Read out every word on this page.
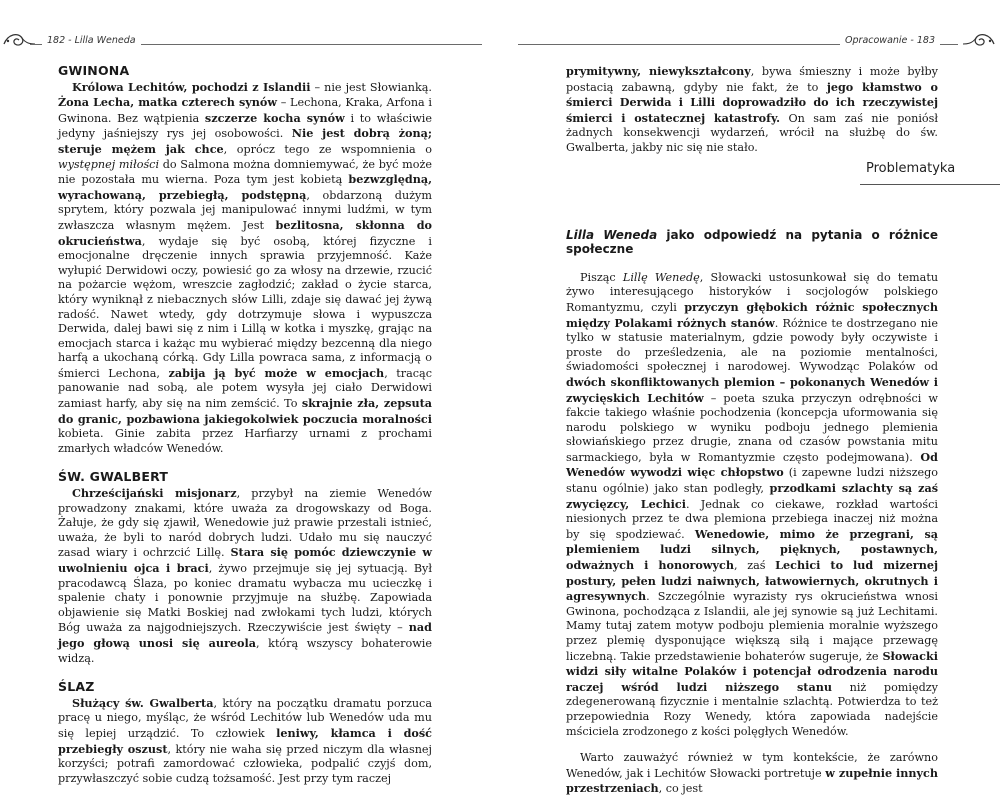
182 - Lilla Weneda
GWINONA

Królowa Lechitów, pochodzi z Islandii – nie jest Słowianką. Żona Lecha, matka czterech synów – Lechona, Kraka, Arfona i Gwinona. Bez wątpienia szczerze kocha synów i to właściwie jedyny jaśniejszy rys jej osobowości. Nie jest dobrą żoną; steruje mężem jak chce, oprócz tego ze wspomnienia o występnej miłości do Salmona można domniemywać, że być może nie pozostała mu wierna. Poza tym jest kobietą bezwzględną, wyrachowaną, przebiegłą, podstępną, obdarzoną dużym sprytem, który pozwala jej manipulować innymi ludźmi, w tym zwłaszcza własnym mężem. Jest bezlitosna, skłonna do okrucieństwa, wydaje się być osobą, której fizyczne i emocjonalne dręczenie innych sprawia przyjemność. Każe wyłupić Derwidowi oczy, powiesić go za włosy na drzewie, rzucić na pożarcie wężom, wreszcie zagłodzić; zakład o życie starca, który wyniknął z niebacznych słów Lilli, zdaje się dawać jej żywą radość. Nawet wtedy, gdy dotrzymuje słowa i wypuszcza Derwida, dalej bawi się z nim i Lillą w kotka i myszkę, grając na emocjach starca i każąc mu wybierać między bezcenną dla niego harfą a ukochaną córką. Gdy Lilla powraca sama, z informacją o śmierci Lechona, zabija ją być może w emocjach, tracąc panowanie nad sobą, ale potem wysyła jej ciało Derwidowi zamiast harfy, aby się na nim zemścić. To skrajnie zła, zepsuta do granic, pozbawiona jakiegokolwiek poczucia moralności kobieta. Ginie zabita przez Harfiarzy urnami z prochami zmarłych władców Wenedów.

ŚW. GWALBERT

Chrześcijański misjonarz, przybył na ziemie Wenedów prowadzony znakami, które uważa za drogowskazy od Boga. Żałuje, że gdy się zjawił, Wenedowie już prawie przestali istnieć, uważa, że byli to naród dobrych ludzi. Udało mu się nauczyć zasad wiary i ochrzcić Lillę. Stara się pomóc dziewczynie w uwolnieniu ojca i braci, żywo przejmuje się jej sytuacją. Był pracodawcą Ślaza, po koniec dramatu wybacza mu ucieczkę i spalenie chaty i ponownie przyjmuje na służbę. Zapowiada objawienie się Matki Boskiej nad zwłokami tych ludzi, których Bóg uważa za najgodniejszych. Rzeczywiście jest święty – nad jego głową unosi się aureola, którą wszyscy bohaterowie widzą.

ŚLAZ

Służący św. Gwalberta, który na początku dramatu porzuca pracę u niego, myśląc, że wśród Lechitów lub Wenedów uda mu się lepiej urządzić. To człowiek leniwy, kłamca i dość przebiegły oszust, który nie waha się przed niczym dla własnej korzyści; potrafi zamordować człowieka, podpalić czyjś dom, przywłaszczyć sobie cudzą tożsamość. Jest przy tym raczej

Opracowanie - 183

prymitywny, niewykształcony, bywa śmieszny i może byłby postacią zabawną, gdyby nie fakt, że to jego kłamstwo o śmierci Derwida i Lilli doprowadziło do ich rzeczywistej śmierci i ostatecznej katastrofy. On sam zaś nie poniósł żadnych konsekwencji wydarzeń, wrócił na służbę do św. Gwalberta, jakby nic się nie stało.

Lilla Weneda jako odpowiedź na pytania o różnice społeczne

Pisząc Lillę Wenedę, Słowacki ustosunkował się do tematu żywo interesującego historyków i socjologów polskiego Romantyzmu, czyli przyczyn głębokich różnic społecznych między Polakami różnych stanów. Różnice te dostrzegano nie tylko w statusie materialnym, gdzie powody były oczywiste i proste do prześledzenia, ale na poziomie mentalności, świadomości społecznej i narodowej. Wywodząc Polaków od dwóch skonfliktowanych plemion – pokonanych Wenedów i zwycięskich Lechitów – poeta szuka przyczyn odrębności w fakcie takiego właśnie pochodzenia (koncepcja uformowania się narodu polskiego w wyniku podboju jednego plemienia słowiańskiego przez drugie, znana od czasów powstania mitu sarmackiego, była w Romantyzmie często podejmowana). Od Wenedów wywodzi więc chłopstwo (i zapewne ludzi niższego stanu ogólnie) jako stan podległy, przodkami szlachty są zaś zwycięzcy, Lechici. Jednak co ciekawe, rozkład wartości niesionych przez te dwa plemiona przebiega inaczej niż można by się spodziewać. Wenedowie, mimo że przegrani, są plemieniem ludzi silnych, pięknych, postawnych, odważnych i honorowych, zaś Lechici to lud mizernej postury, pełen ludzi naiwnych, łatwowiernych, okrutnych i agresywnych. Szczególnie wyrazisty rys okrucieństwa wnosi Gwinona, pochodząca z Islandii, ale jej synowie są już Lechitami. Mamy tutaj zatem motyw podboju plemienia moralnie wyższego przez plemię dysponujące większą siłą i mające przewagę liczebną. Takie przedstawienie bohaterów sugeruje, że Słowacki widzi siły witalne Polaków i potencjał odrodzenia narodu raczej wśród ludzi niższego stanu niż pomiędzy zdegenerowaną fizycznie i mentalnie szlachtą. Potwierdza to też przepowiednia Rozy Wenedy, która zapowiada nadejście mściciela zrodzonego z kości polęgłych Wenedów.

Warto zauważyć również w tym kontekście, że zarówno Wenedów, jak i Lechitów Słowacki portretuje w zupełnie innych przestrzeniach, co jest

Problematyka
